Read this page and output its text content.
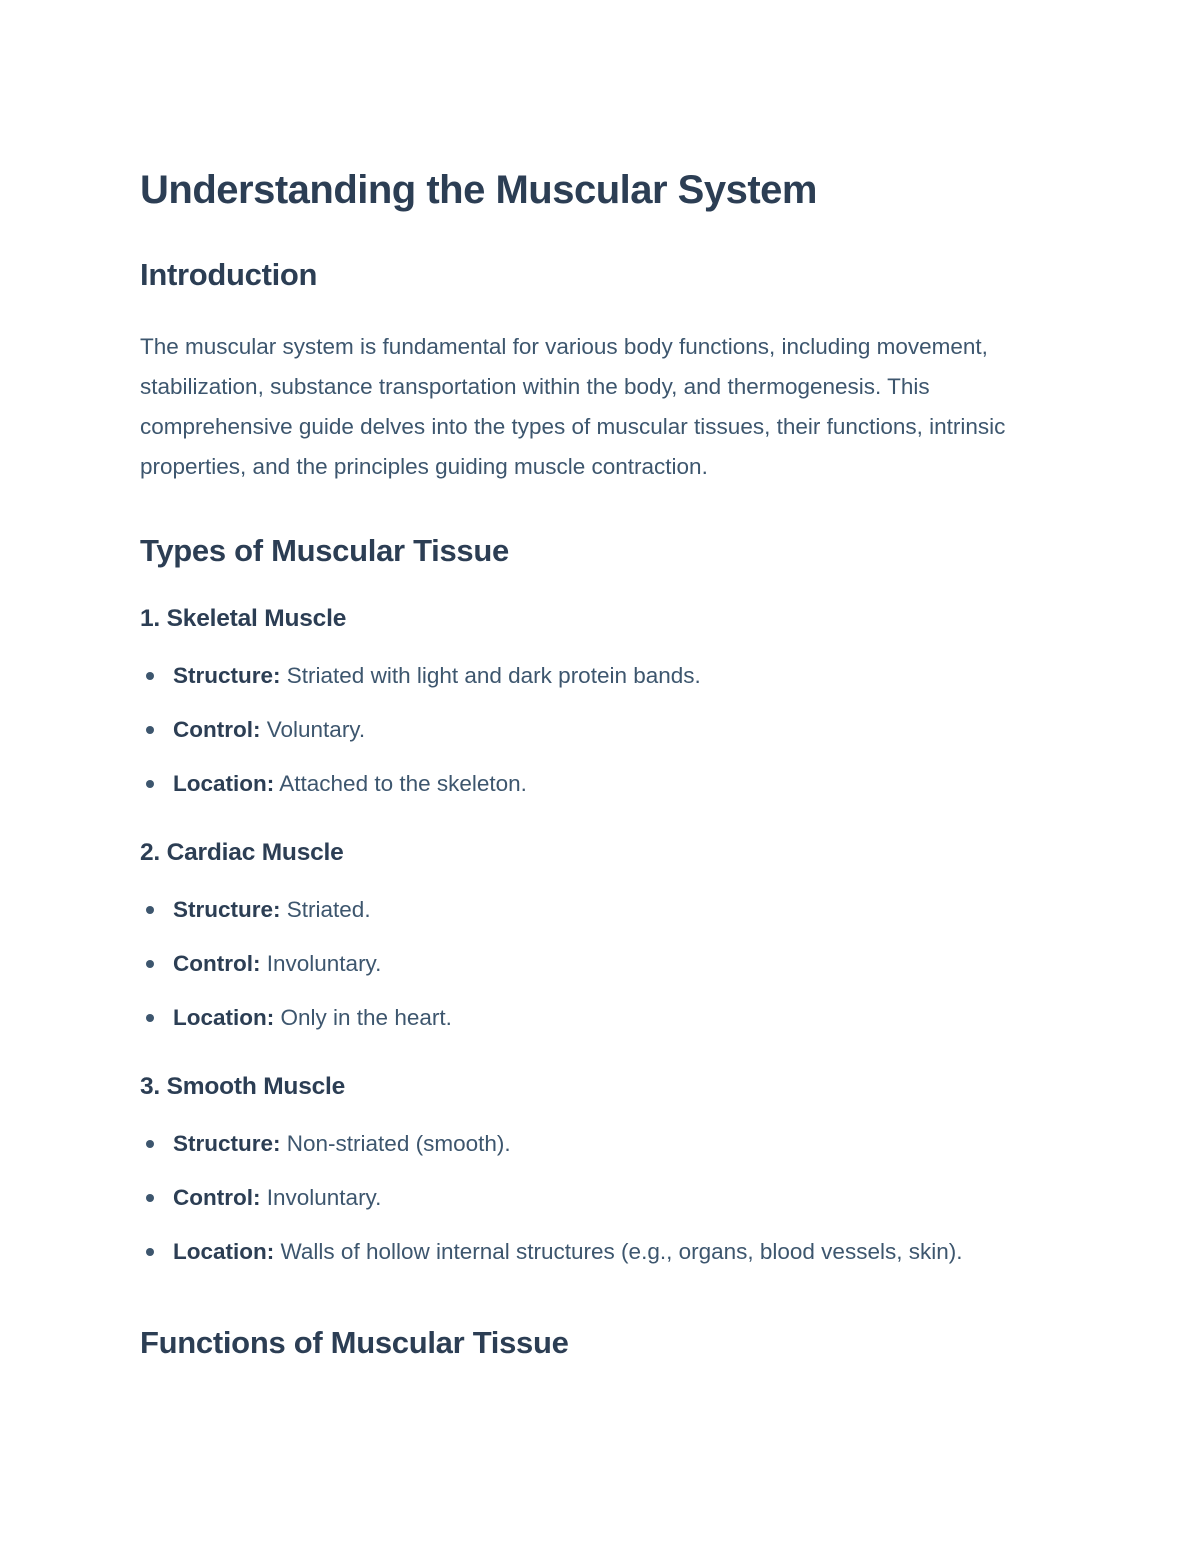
Understanding the Muscular System
Introduction

The muscular system is fundamental for various body functions, including movement, stabilization, substance transportation within the body, and thermogenesis. This comprehensive guide delves into the types of muscular tissues, their functions, intrinsic properties, and the principles guiding muscle contraction.

Types of Muscular Tissue
1. Skeletal Muscle
Structure: Striated with light and dark protein bands.
Control: Voluntary.
Location: Attached to the skeleton.
2. Cardiac Muscle
Structure: Striated.
Control: Involuntary.
Location: Only in the heart.
3. Smooth Muscle
Structure: Non-striated (smooth).
Control: Involuntary.
Location: Walls of hollow internal structures (e.g., organs, blood vessels, skin).
Functions of Muscular Tissue
